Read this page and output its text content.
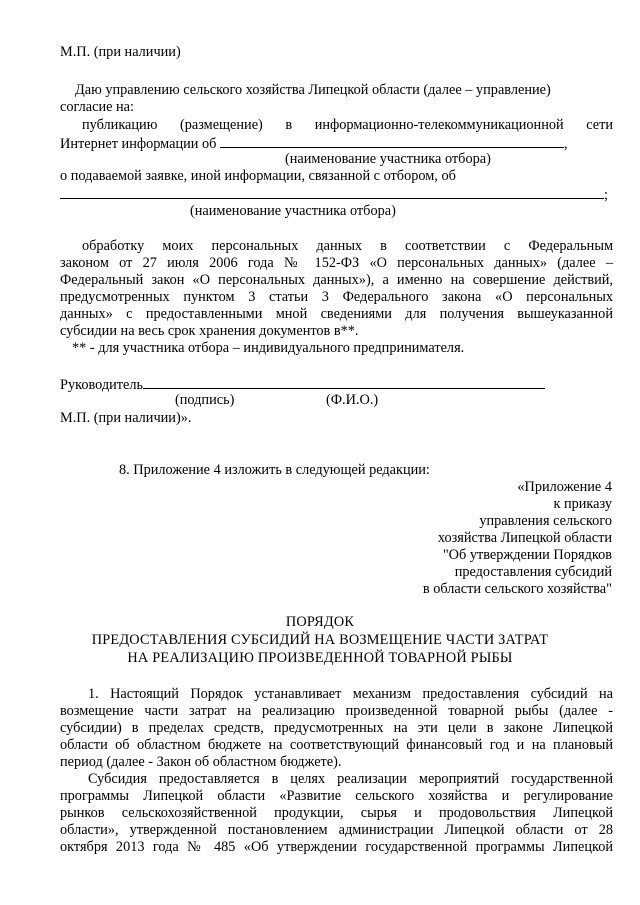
М.П. (при наличии)
Даю управлению сельского хозяйства Липецкой области (далее – управление)
согласие на:
публикацию (размещение) в информационно-телекоммуникационной сети
Интернет информации об	,
(наименование участника отбора)
о подаваемой заявке, иной информации, связанной с отбором, об
;
(наименование участника отбора)
обработку моих персональных данных в соответствии с Федеральным
законом от 27 июля 2006 года № 152-ФЗ «О персональных данных» (далее –
Федеральный закон «О персональных данных»), а именно на совершение действий,
предусмотренных пунктом 3 статьи 3 Федерального закона «О персональных
данных» с предоставленными мной сведениями для получения вышеуказанной
субсидии на весь срок хранения документов в**.
** - для участника отбора – индивидуального предпринимателя.
Руководитель
(подпись)	(Ф.И.О.)
М.П. (при наличии)».
8. Приложение 4 изложить в следующей редакции:
«Приложение 4
к приказу
управления сельского
хозяйства Липецкой области
"Об утверждении Порядков
предоставления субсидий
в области сельского хозяйства"
ПОРЯДОК
ПРЕДОСТАВЛЕНИЯ СУБСИДИЙ НА ВОЗМЕЩЕНИЕ ЧАСТИ ЗАТРАТ
НА РЕАЛИЗАЦИЮ ПРОИЗВЕДЕННОЙ ТОВАРНОЙ РЫБЫ
1. Настоящий Порядок устанавливает механизм предоставления субсидий на
возмещение части затрат на реализацию произведенной товарной рыбы (далее -
субсидии) в пределах средств, предусмотренных на эти цели в законе Липецкой
области об областном бюджете на соответствующий финансовый год и на плановый
период (далее - Закон об областном бюджете).
Субсидия предоставляется в целях реализации мероприятий государственной
программы Липецкой области «Развитие сельского хозяйства и регулирование
рынков сельскохозяйственной продукции, сырья и продовольствия Липецкой
области», утвержденной постановлением администрации Липецкой области от 28
октября 2013 года № 485 «Об утверждении государственной программы Липецкой
